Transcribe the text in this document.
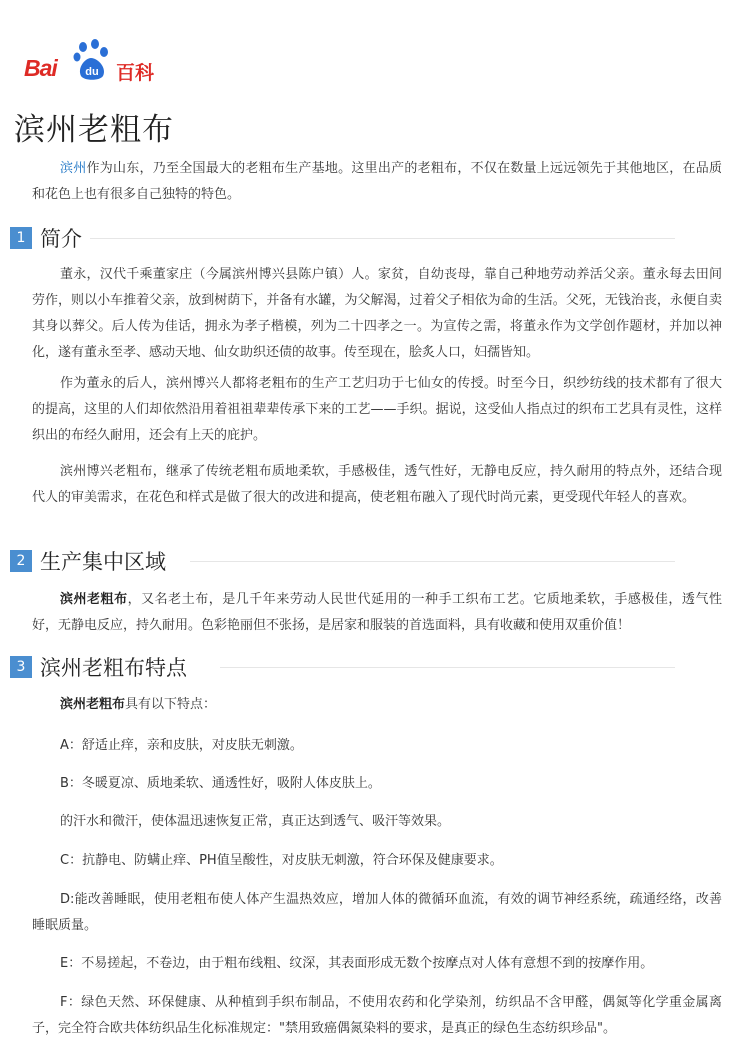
Bai	du 百科
滨州老粗布
滨州作为山东，乃至全国最大的老粗布生产基地。这里出产的老粗布，不仅在数量上远远领先于其他地区，在品质和花色上也有很多自己独特的特色。
1 简介
董永，汉代千乘董家庄（今属滨州博兴县陈户镇）人。家贫，自幼丧母，靠自己种地劳动养活父亲。董永每去田间劳作，则以小车推着父亲，放到树荫下，并备有水罐，为父解渴，过着父子相依为命的生活。父死，无钱治丧，永便自卖其身以葬父。后人传为佳话，拥永为孝子楷模，列为二十四孝之一。为宣传之需，将董永作为文学创作题材，并加以神化，遂有董永至孝、感动天地、仙女助织还债的故事。传至现在，脍炙人口，妇孺皆知。
作为董永的后人，滨州博兴人都将老粗布的生产工艺归功于七仙女的传授。时至今日，织纱纺线的技术都有了很大的提高，这里的人们却依然沿用着祖祖辈辈传承下来的工艺——手织。据说，这受仙人指点过的织布工艺具有灵性，这样织出的布经久耐用，还会有上天的庇护。
滨州博兴老粗布，继承了传统老粗布质地柔软，手感极佳，透气性好，无静电反应，持久耐用的特点外，还结合现代人的审美需求，在花色和样式是做了很大的改进和提高，使老粗布融入了现代时尚元素，更受现代年轻人的喜欢。
2 生产集中区域
滨州老粗布，又名老土布，是几千年来劳动人民世代延用的一种手工织布工艺。它质地柔软，手感极佳，透气性好，无静电反应，持久耐用。色彩艳丽但不张扬，是居家和服装的首选面料，具有收藏和使用双重价值！
3 滨州老粗布特点
滨州老粗布具有以下特点：
A：舒适止痒，亲和皮肤，对皮肤无刺激。
B：冬暖夏凉、质地柔软、通透性好，吸附人体皮肤上。
的汗水和微汗，使体温迅速恢复正常，真正达到透气、吸汗等效果。
C：抗静电、防螨止痒、PH值呈酸性，对皮肤无刺激，符合环保及健康要求。
D:能改善睡眠，使用老粗布使人体产生温热效应，增加人体的微循环血流，有效的调节神经系统，疏通经络，改善睡眠质量。
E：不易搓起，不卷边，由于粗布线粗、纹深，其表面形成无数个按摩点对人体有意想不到的按摩作用。
F：绿色天然、环保健康、从种植到手织布制品，不使用农药和化学染剂，纺织品不含甲醛，偶氮等化学重金属离子，完全符合欧共体纺织品生化标准规定："禁用致癌偶氮染料的要求，是真正的绿色生态纺织珍品"。
